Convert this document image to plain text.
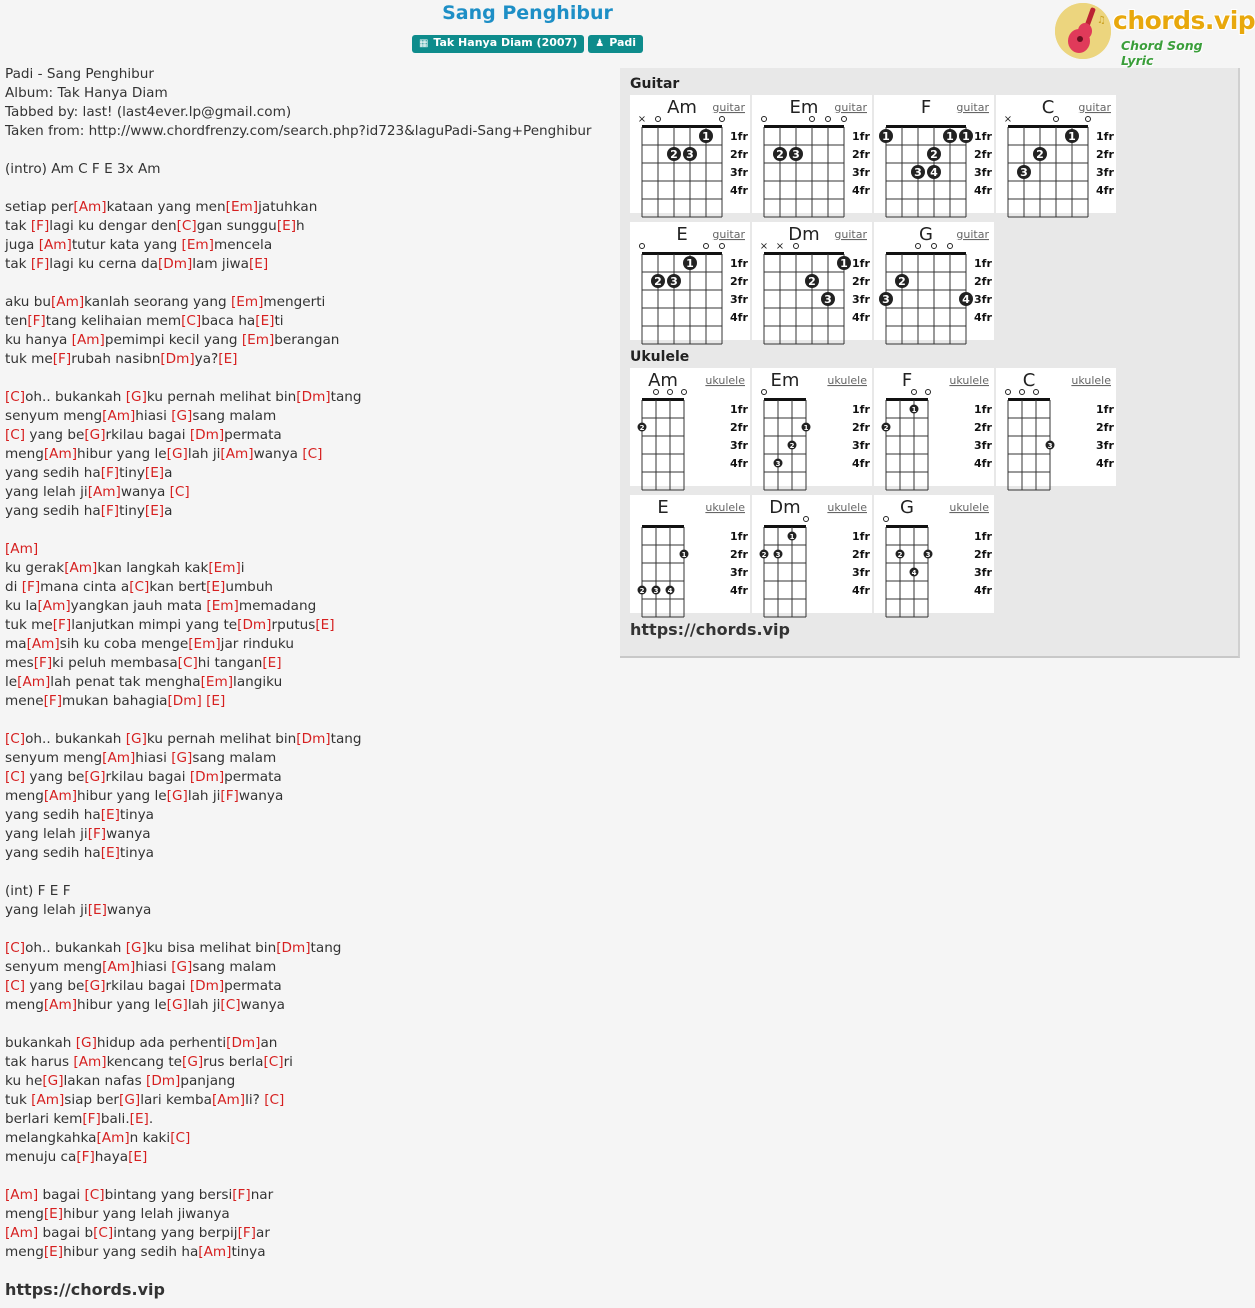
Sang Penghibur
▦ Tak Hanya Diam (2007) ♟ Padi
♫ chords.vip
Chord Song Lyric
Padi - Sang Penghibur
Album: Tak Hanya Diam
Tabbed by: last! (last4ever.lp@gmail.com)
Taken from: http://www.chordfrenzy.com/search.php?id723&laguPadi-Sang+Penghibur
(intro) Am C F E 3x Am
setiap per[Am]kataan yang men[Em]jatuhkan
tak [F]lagi ku dengar den[C]gan sunggu[E]h
juga [Am]tutur kata yang [Em]mencela
tak [F]lagi ku cerna da[Dm]lam jiwa[E]
aku bu[Am]kanlah seorang yang [Em]mengerti
ten[F]tang kelihaian mem[C]baca ha[E]ti
ku hanya [Am]pemimpi kecil yang [Em]berangan
tuk me[F]rubah nasibn[Dm]ya?[E]
[C]oh.. bukankah [G]ku pernah melihat bin[Dm]tang
senyum meng[Am]hiasi [G]sang malam
[C] yang be[G]rkilau bagai [Dm]permata
meng[Am]hibur yang le[G]lah ji[Am]wanya [C]
yang sedih ha[F]tiny[E]a
yang lelah ji[Am]wanya [C]
yang sedih ha[F]tiny[E]a
[Am]
ku gerak[Am]kan langkah kak[Em]i
di [F]mana cinta a[C]kan bert[E]umbuh
ku la[Am]yangkan jauh mata [Em]memadang
tuk me[F]lanjutkan mimpi yang te[Dm]rputus[E]
ma[Am]sih ku coba menge[Em]jar rinduku
mes[F]ki peluh membasa[C]hi tangan[E]
le[Am]lah penat tak mengha[Em]langiku
mene[F]mukan bahagia[Dm] [E]
[C]oh.. bukankah [G]ku pernah melihat bin[Dm]tang
senyum meng[Am]hiasi [G]sang malam
[C] yang be[G]rkilau bagai [Dm]permata
meng[Am]hibur yang le[G]lah ji[F]wanya
yang sedih ha[E]tinya
yang lelah ji[F]wanya
yang sedih ha[E]tinya
(int) F E F
yang lelah ji[E]wanya
[C]oh.. bukankah [G]ku bisa melihat bin[Dm]tang
senyum meng[Am]hiasi [G]sang malam
[C] yang be[G]rkilau bagai [Dm]permata
meng[Am]hibur yang le[G]lah ji[C]wanya
bukankah [G]hidup ada perhenti[Dm]an
tak harus [Am]kencang te[G]rus berla[C]ri
ku he[G]lakan nafas [Dm]panjang
tuk [Am]siap ber[G]lari kemba[Am]li? [C]
berlari kem[F]bali.[E].
melangkahka[Am]n kaki[C]
menuju ca[F]haya[E]
[Am] bagai [C]bintang yang bersi[F]nar
meng[E]hibur yang lelah jiwanya
[Am] bagai b[C]intang yang berpij[F]ar
meng[E]hibur yang sedih ha[Am]tinya
https://chords.vip
Guitar
Ukulele
https://chords.vip
Am guitar
1fr
2fr
3fr
4fr
×
2 3
1
Em guitar
1fr
2fr
3fr
4fr
2 3
F guitar
1fr
2fr
3fr
4fr
1
3 4
2
1 1
C guitar
1fr
2fr
3fr
4fr
×
3
2
1
E guitar
1fr
2fr
3fr
4fr
2 3
1
Dm guitar
1fr
2fr
3fr
4fr
× ×
2
3
1
G guitar
1fr
2fr
3fr
4fr
3
2
4
Am ukulele
1fr
2fr
3fr
4fr
2
Em	ukulele
1fr
2fr
3fr
4fr
3
2
1
F	ukulele
1fr
2fr
3fr
4fr
2
1
C	ukulele
1fr
2fr
3fr
4fr
3
E	ukulele
1fr
2fr
3fr
4fr
2 3 4
1
Dm ukulele
1fr
2fr
3fr
4fr
2 3
1
G	ukulele
1fr
2fr
3fr
4fr
2
4
3
